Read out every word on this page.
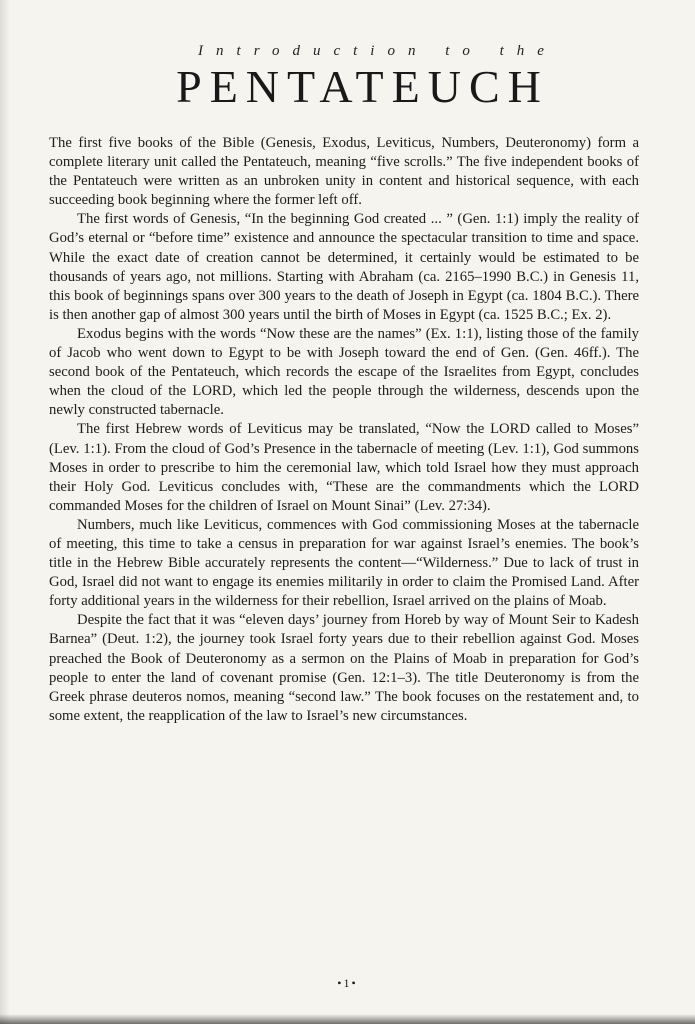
Introduction to the
PENTATEUCH

The first five books of the Bible (Genesis, Exodus, Leviticus, Numbers, Deuteronomy) form a complete literary unit called the Pentateuch, meaning “five scrolls.” The five independent books of the Pentateuch were written as an unbroken unity in content and historical sequence, with each succeeding book beginning where the former left off.

The first words of Genesis, “In the beginning God created ... ” (Gen. 1:1) imply the reality of God’s eternal or “before time” existence and announce the spectacular transition to time and space. While the exact date of creation cannot be determined, it certainly would be estimated to be thousands of years ago, not millions. Starting with Abraham (ca. 2165–1990 B.C.) in Genesis 11, this book of beginnings spans over 300 years to the death of Joseph in Egypt (ca. 1804 B.C.). There is then another gap of almost 300 years until the birth of Moses in Egypt (ca. 1525 B.C.; Ex. 2).

Exodus begins with the words “Now these are the names” (Ex. 1:1), listing those of the family of Jacob who went down to Egypt to be with Joseph toward the end of Gen. (Gen. 46ff.). The second book of the Pentateuch, which records the escape of the Israelites from Egypt, concludes when the cloud of the LORD, which led the people through the wilderness, descends upon the newly constructed tabernacle.

The first Hebrew words of Leviticus may be translated, “Now the LORD called to Moses” (Lev. 1:1). From the cloud of God’s Presence in the tabernacle of meeting (Lev. 1:1), God summons Moses in order to prescribe to him the ceremonial law, which told Israel how they must approach their Holy God. Leviticus concludes with, “These are the commandments which the LORD commanded Moses for the children of Israel on Mount Sinai” (Lev. 27:34).

Numbers, much like Leviticus, commences with God commissioning Moses at the tabernacle of meeting, this time to take a census in preparation for war against Israel’s enemies. The book’s title in the Hebrew Bible accurately represents the content—“Wilderness.” Due to lack of trust in God, Israel did not want to engage its enemies militarily in order to claim the Promised Land. After forty additional years in the wilderness for their rebellion, Israel arrived on the plains of Moab.

Despite the fact that it was “eleven days’ journey from Horeb by way of Mount Seir to Kadesh Barnea” (Deut. 1:2), the journey took Israel forty years due to their rebellion against God. Moses preached the Book of Deuteronomy as a sermon on the Plains of Moab in preparation for God’s people to enter the land of covenant promise (Gen. 12:1–3). The title Deuteronomy is from the Greek phrase deuteros nomos, meaning “second law.” The book focuses on the restatement and, to some extent, the reapplication of the law to Israel’s new circumstances.

•1•
